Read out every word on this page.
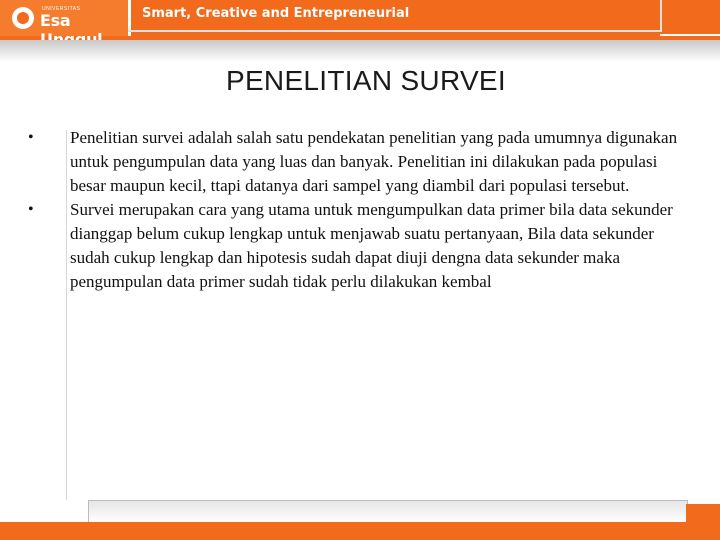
UNIVERSITAS
Esa	Smart, Creative and Entrepreneurial
PENELITIAN SURVEI

• Penelitian survei adalah salah satu pendekatan penelitian yang pada umumnya digunakan untuk pengumpulan data yang luas dan banyak. Penelitian ini dilakukan pada populasi besar maupun kecil, ttapi datanya dari sampel yang diambil dari populasi tersebut.

• Survei merupakan cara yang utama untuk mengumpulkan data primer bila data sekunder dianggap belum cukup lengkap untuk menjawab suatu pertanyaan, Bila data sekunder sudah cukup lengkap dan hipotesis sudah dapat diuji dengna data sekunder maka pengumpulan data primer sudah tidak perlu dilakukan kembal
